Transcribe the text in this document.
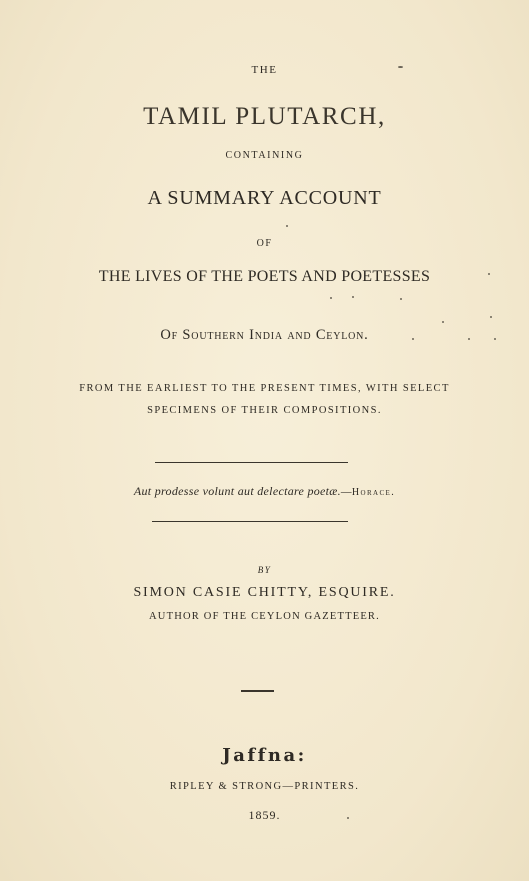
THE
TAMIL PLUTARCH,
CONTAINING
A SUMMARY ACCOUNT
OF
THE LIVES OF THE POETS AND POETESSES
Of Southern India and Ceylon.
FROM THE EARLIEST TO THE PRESENT TIMES, WITH SELECT
SPECIMENS OF THEIR COMPOSITIONS.
Aut prodesse volunt aut delectare poetæ.—Horace.
BY
SIMON CASIE CHITTY, ESQUIRE.
AUTHOR OF THE CEYLON GAZETTEER.
Jaffna:
RIPLEY & STRONG—PRINTERS.
1859.
